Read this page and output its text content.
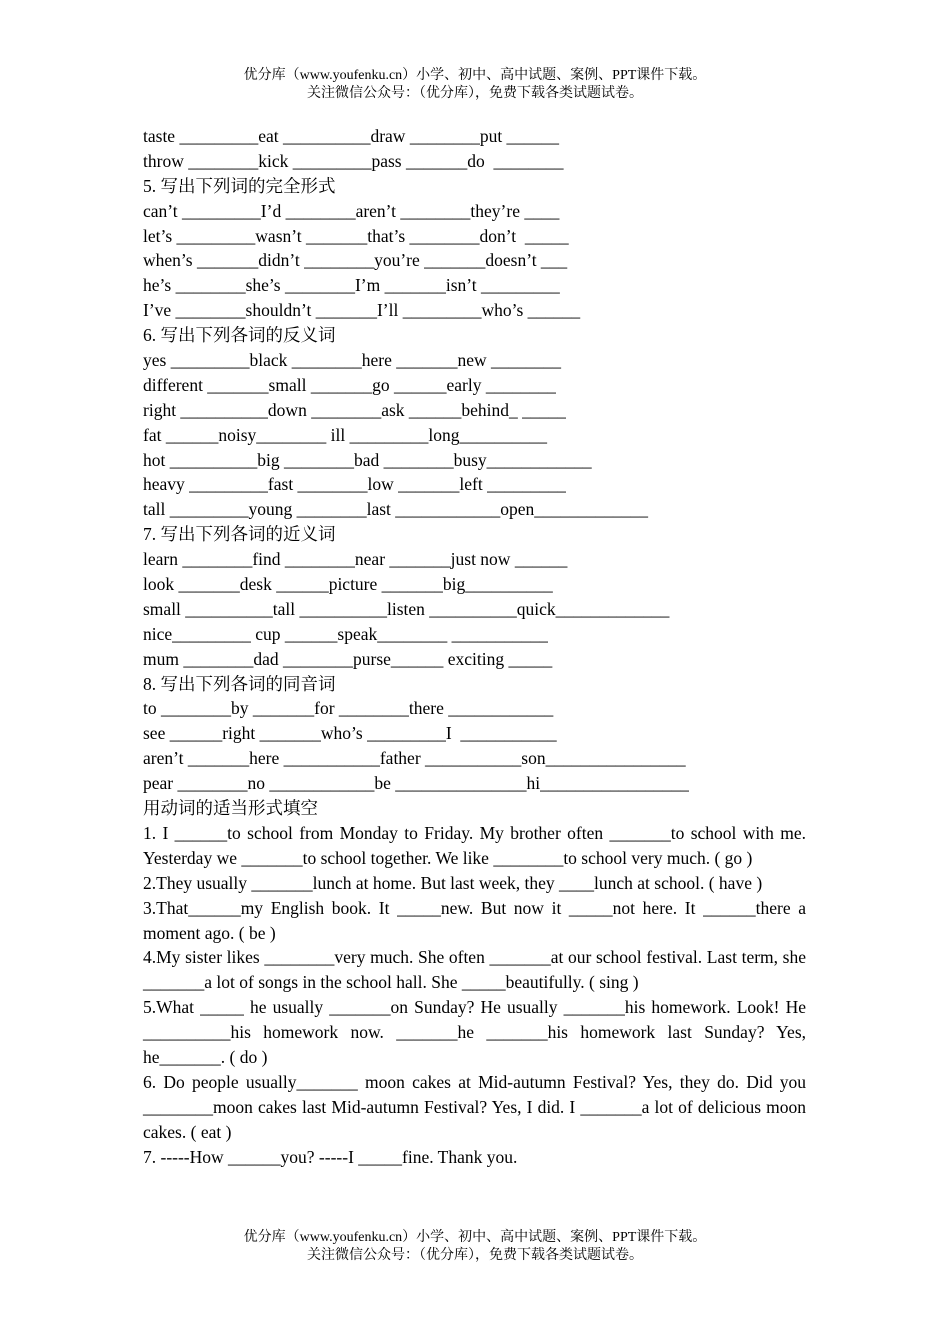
优分库（www.youfenku.cn）小学、初中、高中试题、案例、PPT课件下载。
关注微信公众号：（优分库），免费下载各类试题试卷。
taste _________eat __________draw ________put ______
throw ________kick _________pass _______do  ________
5. 写出下列词的完全形式
can’t _________I’d ________aren’t ________they’re ____
let’s _________wasn’t _______that’s ________don’t  _____
when’s _______didn’t ________you’re _______doesn’t ___
he’s ________she’s ________I’m _______isn’t _________
I’ve ________shouldn’t _______I’ll _________who’s ______
6. 写出下列各词的反义词
yes _________black ________here _______new ________
different _______small _______go ______early ________
right __________down ________ask ______behind_ _____
fat ______noisy________ ill _________long__________
hot __________big ________bad ________busy____________
heavy _________fast ________low _______left _________
tall _________young ________last ____________open_____________
7. 写出下列各词的近义词
learn ________find ________near _______just now ______
look _______desk ______picture _______big__________
small __________tall __________listen __________quick_____________
nice_________ cup ______speak________ ___________
mum ________dad ________purse______ exciting _____
8. 写出下列各词的同音词
to ________by _______for ________there ____________
see ______right _______who’s _________I  ___________
aren’t _______here ___________father ___________son________________
pear ________no ____________be _______________hi_________________
用动词的适当形式填空
1. I ______to school from Monday to Friday. My brother often _______to school with me. Yesterday we _______to school together. We like ________to school very much. ( go )
2.They usually _______lunch at home. But last week, they ____lunch at school. ( have )
3.That______my English book. It _____new. But now it _____not here. It ______there a moment ago. ( be )
4.My sister likes ________very much. She often _______at our school festival. Last term, she _______a lot of songs in the school hall. She _____beautifully. ( sing )
5.What _____ he usually _______on Sunday? He usually _______his homework. Look! He __________his homework now. _______he _______his homework last Sunday? Yes, he_______. ( do )
6. Do people usually_______ moon cakes at Mid-autumn Festival? Yes, they do. Did you ________moon cakes last Mid-autumn Festival? Yes, I did. I _______a lot of delicious moon cakes. ( eat )
7. -----How ______you? -----I _____fine. Thank you.
优分库（www.youfenku.cn）小学、初中、高中试题、案例、PPT课件下载。
关注微信公众号：（优分库），免费下载各类试题试卷。
